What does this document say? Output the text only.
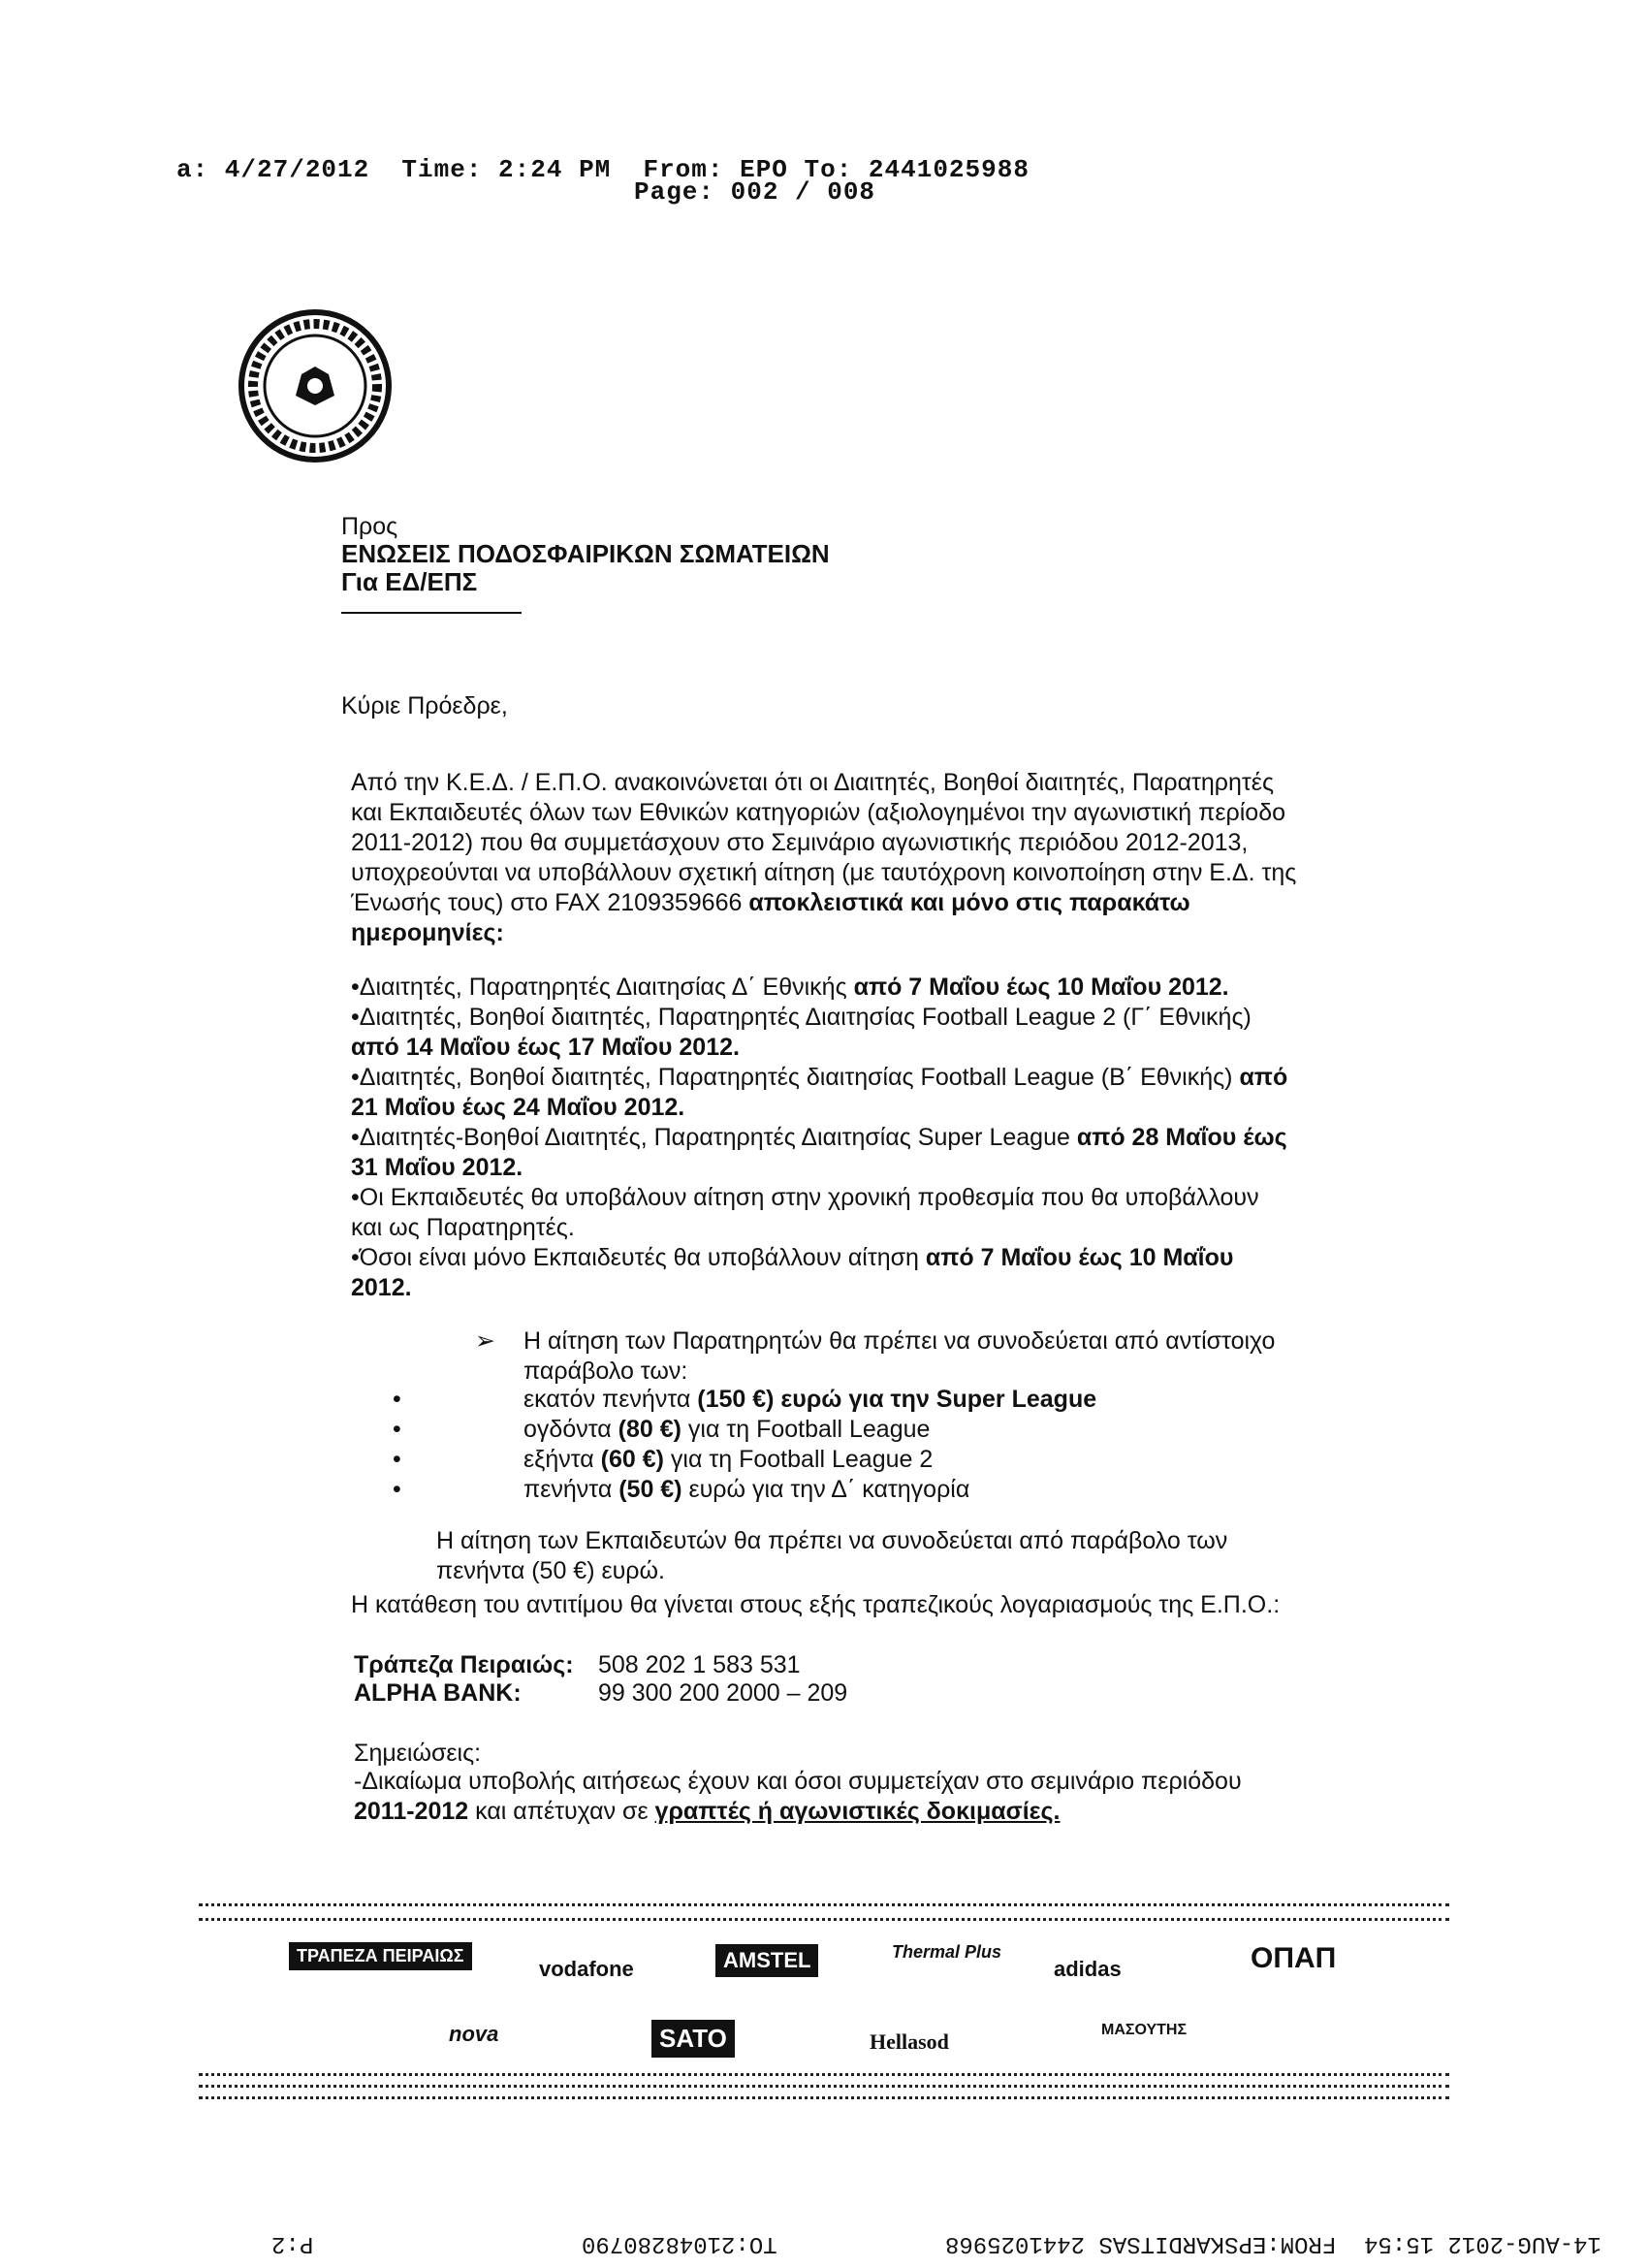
a: 4/27/2012  Time: 2:24 PM  From: EPO To: 2441025988
Page: 002 / 008
Προς
ΕΝΩΣΕΙΣ ΠΟΔΟΣΦΑΙΡΙΚΩΝ ΣΩΜΑΤΕΙΩΝ
Για ΕΔ/ΕΠΣ
Κύριε Πρόεδρε,
Από την Κ.Ε.Δ. / Ε.Π.Ο. ανακοινώνεται ότι οι Διαιτητές, Βοηθοί διαιτητές, Παρατηρητές και Εκπαιδευτές όλων των Εθνικών κατηγοριών (αξιολογημένοι την αγωνιστική περίοδο 2011-2012) που θα συμμετάσχουν στο Σεμινάριο αγωνιστικής περιόδου 2012-2013, υποχρεούνται να υποβάλλουν σχετική αίτηση (με ταυτόχρονη κοινοποίηση στην Ε.Δ. της Ένωσής τους) στο FAX 2109359666 αποκλειστικά και μόνο στις παρακάτω ημερομηνίες:

•Διαιτητές, Παρατηρητές Διαιτησίας Δ΄ Εθνικής από 7 Μαΐου έως 10 Μαΐου 2012.

•Διαιτητές, Βοηθοί διαιτητές, Παρατηρητές Διαιτησίας Football League 2 (Γ΄ Εθνικής) από 14 Μαΐου έως 17 Μαΐου 2012.

•Διαιτητές, Βοηθοί διαιτητές, Παρατηρητές διαιτησίας Football League (Β΄ Εθνικής) από 21 Μαΐου έως 24 Μαΐου 2012.

•Διαιτητές-Βοηθοί Διαιτητές, Παρατηρητές Διαιτησίας Super League από 28 Μαΐου έως 31 Μαΐου 2012.

•Οι Εκπαιδευτές θα υποβάλουν αίτηση στην χρονική προθεσμία που θα υποβάλλουν και ως Παρατηρητές.

•Όσοι είναι μόνο Εκπαιδευτές θα υποβάλλουν αίτηση από 7 Μαΐου έως 10 Μαΐου 2012.

➢ Η αίτηση των Παρατηρητών θα πρέπει να συνοδεύεται από αντίστοιχο παράβολο των:
•	εκατόν πενήντα (150 €) ευρώ για την Super League
•	ογδόντα (80 €) για τη Football League
•	εξήντα (60 €) για τη Football League 2
•	πενήντα (50 €) ευρώ για την Δ΄ κατηγορία
Η αίτηση των Εκπαιδευτών θα πρέπει να συνοδεύεται από παράβολο των πενήντα (50 €) ευρώ.
Η κατάθεση του αντιτίμου θα γίνεται στους εξής τραπεζικούς λογαριασμούς της Ε.Π.Ο.:
Τράπεζα Πειραιώς: 508 202 1 583 531
ALPHA BANK:	99 300 200 2000 – 209
Σημειώσεις:
-Δικαίωμα υποβολής αιτήσεως έχουν και όσοι συμμετείχαν στο σεμινάριο περιόδου 2011-2012 και απέτυχαν σε γραπτές ή αγωνιστικές δοκιμασίες.
ΤΡΑΠΕΖΑ ΠΕΙΡΑΙΩΣ
vodafone	AMSTEL	Thermal Plus
adidas	ΟΠΑΠ
nova	SATO	Hellasod	ΜΑΣΟΥΤΗΣ
P:2	TO:21048280790	14-AUG-2012 15:54  FROM:EPSKARDITSAS 2441025968
